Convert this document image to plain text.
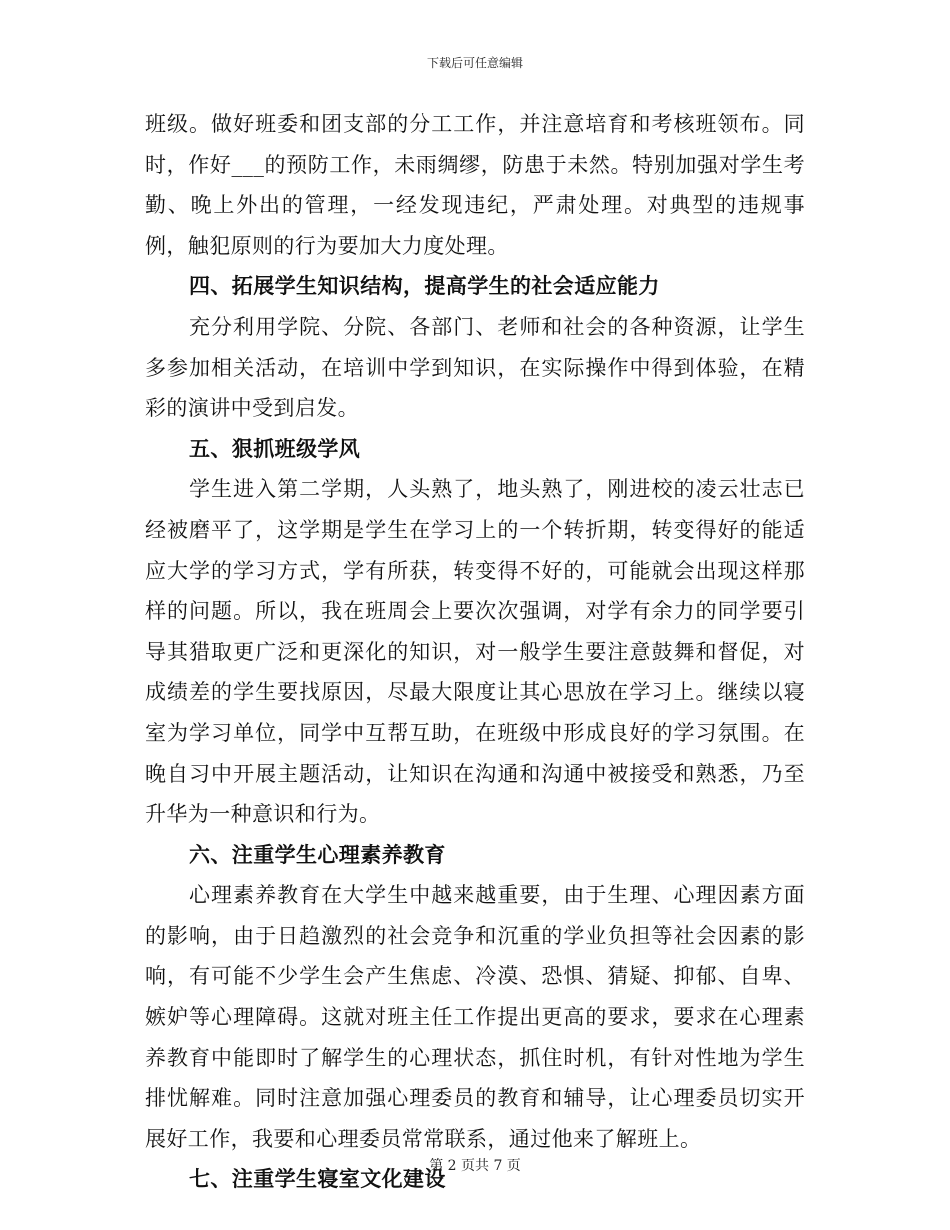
下载后可任意编辑

班级。做好班委和团支部的分工工作，并注意培育和考核班领布。同时，作好___的预防工作，未雨绸缪，防患于未然。特别加强对学生考勤、晚上外出的管理，一经发现违纪，严肃处理。对典型的违规事例，触犯原则的行为要加大力度处理。

四、拓展学生知识结构，提高学生的社会适应能力

充分利用学院、分院、各部门、老师和社会的各种资源，让学生多参加相关活动，在培训中学到知识，在实际操作中得到体验，在精彩的演讲中受到启发。

五、狠抓班级学风

学生进入第二学期，人头熟了，地头熟了，刚进校的凌云壮志已经被磨平了，这学期是学生在学习上的一个转折期，转变得好的能适应大学的学习方式，学有所获，转变得不好的，可能就会出现这样那样的问题。所以，我在班周会上要次次强调，对学有余力的同学要引导其猎取更广泛和更深化的知识，对一般学生要注意鼓舞和督促，对成绩差的学生要找原因，尽最大限度让其心思放在学习上。继续以寝室为学习单位，同学中互帮互助，在班级中形成良好的学习氛围。在晚自习中开展主题活动，让知识在沟通和沟通中被接受和熟悉，乃至升华为一种意识和行为。

六、注重学生心理素养教育

心理素养教育在大学生中越来越重要，由于生理、心理因素方面的影响，由于日趋激烈的社会竞争和沉重的学业负担等社会因素的影响，有可能不少学生会产生焦虑、冷漠、恐惧、猜疑、抑郁、自卑、嫉妒等心理障碍。这就对班主任工作提出更高的要求，要求在心理素养教育中能即时了解学生的心理状态，抓住时机，有针对性地为学生排忧解难。同时注意加强心理委员的教育和辅导，让心理委员切实开展好工作，我要和心理委员常常联系，通过他来了解班上。

七、注重学生寝室文化建设

第 2 页共 7 页
